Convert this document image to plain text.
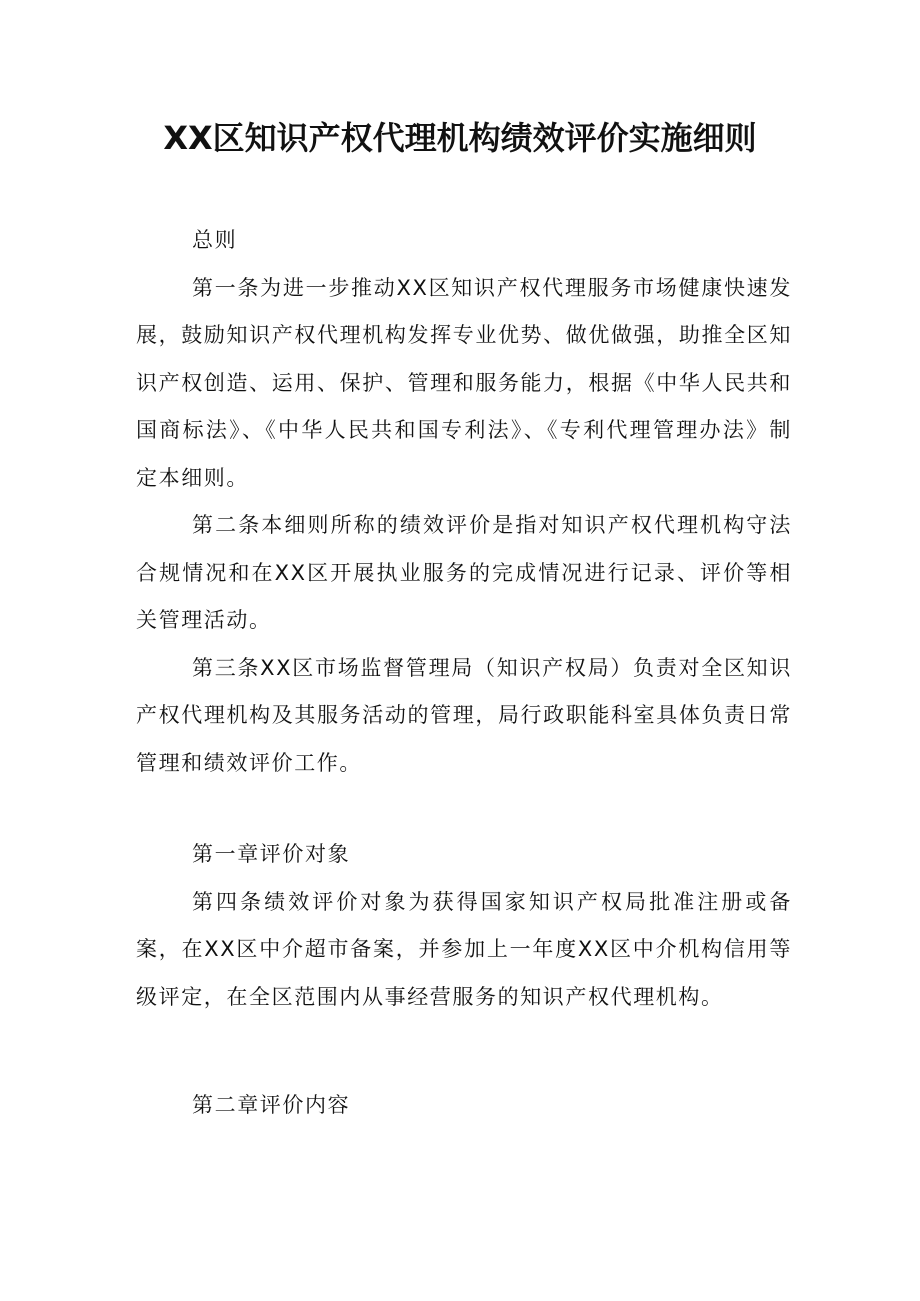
XX区知识产权代理机构绩效评价实施细则

总则

第一条为进一步推动XX区知识产权代理服务市场健康快速发展，鼓励知识产权代理机构发挥专业优势、做优做强，助推全区知识产权创造、运用、保护、管理和服务能力，根据《中华人民共和国商标法》、《中华人民共和国专利法》、《专利代理管理办法》制定本细则。

第二条本细则所称的绩效评价是指对知识产权代理机构守法合规情况和在XX区开展执业服务的完成情况进行记录、评价等相关管理活动。

第三条XX区市场监督管理局（知识产权局）负责对全区知识产权代理机构及其服务活动的管理，局行政职能科室具体负责日常管理和绩效评价工作。

第一章评价对象

第四条绩效评价对象为获得国家知识产权局批准注册或备案，在XX区中介超市备案，并参加上一年度XX区中介机构信用等级评定，在全区范围内从事经营服务的知识产权代理机构。

第二章评价内容
